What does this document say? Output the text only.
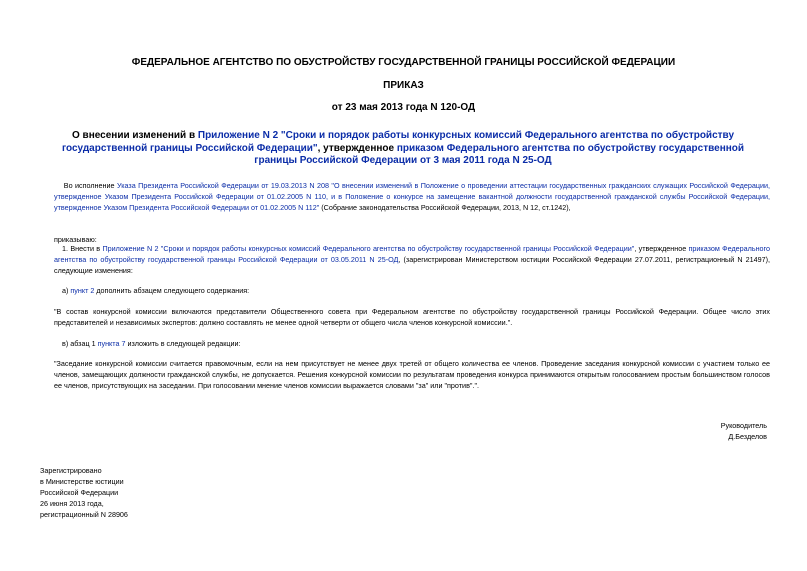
ФЕДЕРАЛЬНОЕ АГЕНТСТВО ПО ОБУСТРОЙСТВУ ГОСУДАРСТВЕННОЙ ГРАНИЦЫ РОССИЙСКОЙ ФЕДЕРАЦИИ
ПРИКАЗ
от 23 мая 2013 года N 120-ОД
О внесении изменений в Приложение N 2 "Сроки и порядок работы конкурсных комиссий Федерального агентства по обустройству государственной границы Российской Федерации", утвержденное приказом Федерального агентства по обустройству государственной границы Российской Федерации от 3 мая 2011 года N 25-ОД
Во исполнение Указа Президента Российской Федерации от 19.03.2013 N 208 "О внесении изменений в Положение о проведении аттестации государственных гражданских служащих Российской Федерации, утвержденное Указом Президента Российской Федерации от 01.02.2005 N 110, и в Положение о конкурсе на замещение вакантной должности государственной гражданской службы Российской Федерации, утвержденное Указом Президента Российской Федерации от 01.02.2005 N 112" (Собрание законодательства Российской Федерации, 2013, N 12, ст.1242),
приказываю:
1. Внести в Приложение N 2 "Сроки и порядок работы конкурсных комиссий Федерального агентства по обустройству государственной границы Российской Федерации", утвержденное приказом Федерального агентства по обустройству государственной границы Российской Федерации от 03.05.2011 N 25-ОД, (зарегистрирован Министерством юстиции Российской Федерации 27.07.2011, регистрационный N 21497), следующие изменения:
а) пункт 2 дополнить абзацем следующего содержания:
"В состав конкурсной комиссии включаются представители Общественного совета при Федеральном агентстве по обустройству государственной границы Российской Федерации. Общее число этих представителей и независимых экспертов: должно составлять не менее одной четверти от общего числа членов конкурсной комиссии.".
в) абзац 1 пункта 7 изложить в следующей редакции:
"Заседание конкурсной комиссии считается правомочным, если на нем присутствует не менее двух третей от общего количества ее членов. Проведение заседания конкурсной комиссии с участием только ее членов, замещающих должности гражданской службы, не допускается. Решения конкурсной комиссии по результатам проведения конкурса принимаются открытым голосованием простым большинством голосов ее членов, присутствующих на заседании. При голосовании мнение членов комиссии выражается словами "за" или "против".".
Руководитель
Д.Безделов
Зарегистрировано
в Министерстве юстиции
Российской Федерации
26 июня 2013 года,
регистрационный N 28906
